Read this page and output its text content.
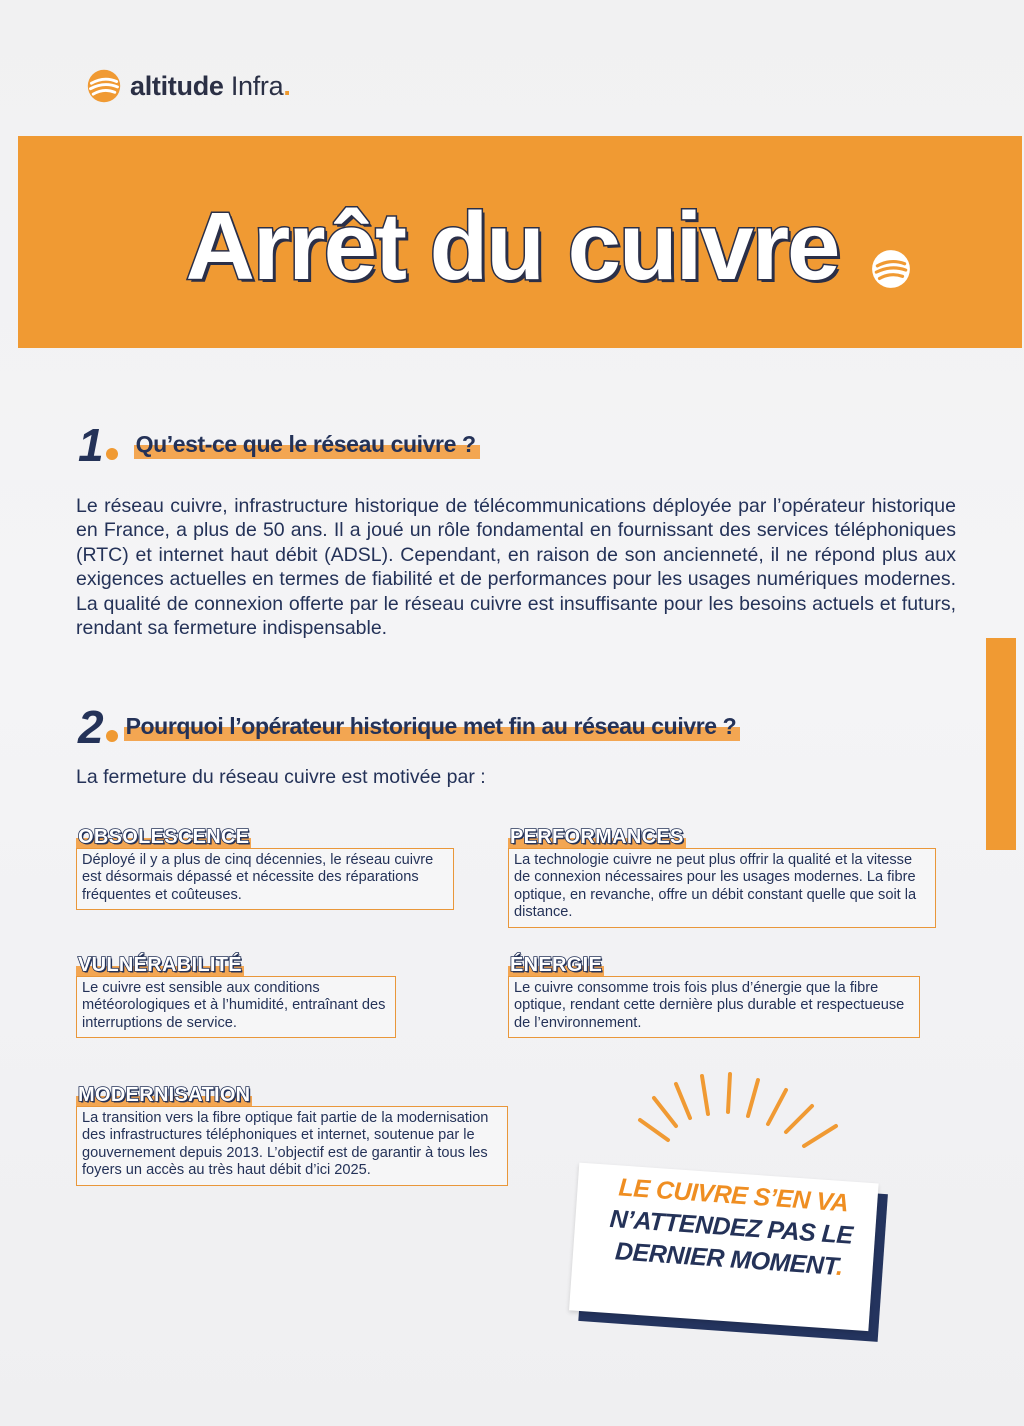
altitude Infra.
Arrêt du cuivre
1 Qu’est-ce que le réseau cuivre ?
Le réseau cuivre, infrastructure historique de télécommunications déployée par l’opérateur historique en France, a plus de 50 ans. Il a joué un rôle fondamental en fournissant des services téléphoniques (RTC) et internet haut débit (ADSL). Cependant, en raison de son ancienneté, il ne répond plus aux exigences actuelles en termes de fiabilité et de performances pour les usages numériques modernes. La qualité de connexion offerte par le réseau cuivre est insuffisante pour les besoins actuels et futurs, rendant sa fermeture indispensable.
2 Pourquoi l’opérateur historique met fin au réseau cuivre ?
La fermeture du réseau cuivre est motivée par :
OBSOLESCENCE
Déployé il y a plus de cinq décennies, le réseau cuivre est désormais dépassé et nécessite des réparations fréquentes et coûteuses.
PERFORMANCES
La technologie cuivre ne peut plus offrir la qualité et la vitesse de connexion nécessaires pour les usages modernes. La fibre optique, en revanche, offre un débit constant quelle que soit la distance.
VULNÉRABILITÉ
Le cuivre est sensible aux conditions météorologiques et à l’humidité, entraînant des interruptions de service.
ÉNERGIE
Le cuivre consomme trois fois plus d’énergie que la fibre optique, rendant cette dernière plus durable et respectueuse de l’environnement.
MODERNISATION
La transition vers la fibre optique fait partie de la modernisation des infrastructures téléphoniques et internet, soutenue par le gouvernement depuis 2013. L’objectif est de garantir à tous les foyers un accès au très haut débit d’ici 2025.
LE CUIVRE S’EN VA
N’ATTENDEZ PAS LE
DERNIER MOMENT.
